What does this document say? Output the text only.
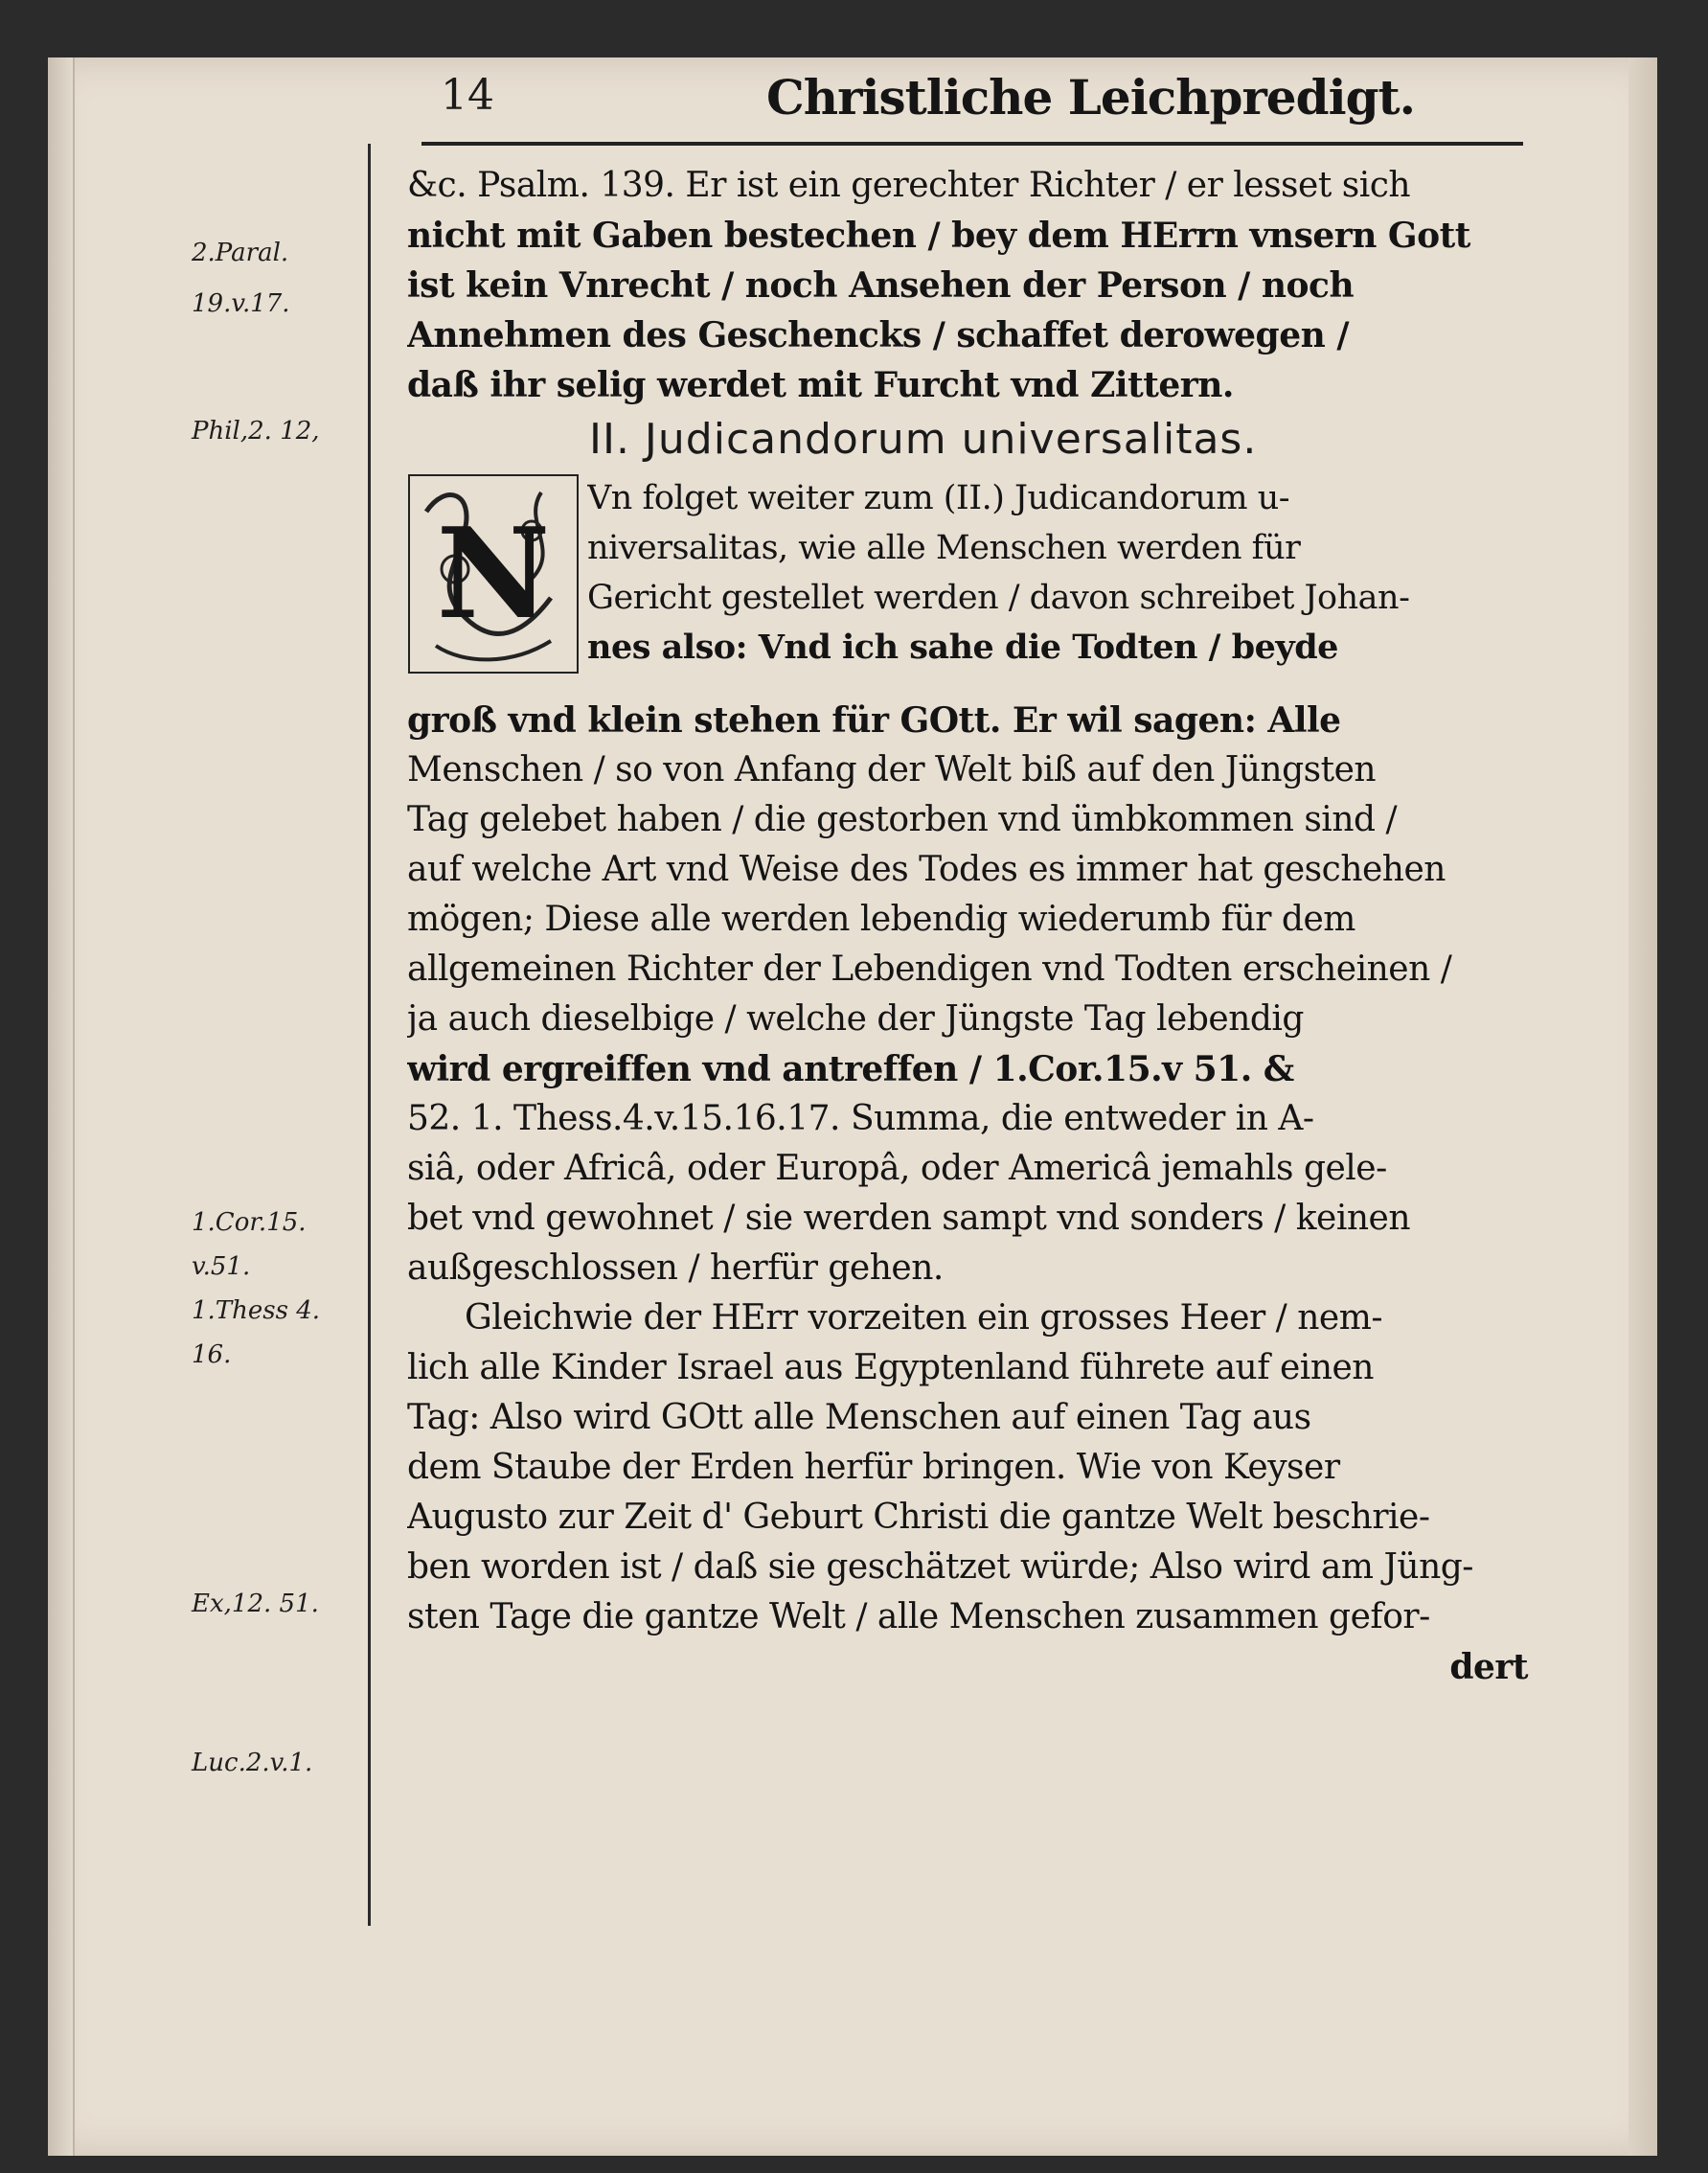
14	Christliche Leichpredigt.
2.Paral.
19.v.17.
Phil,2. 12,
1.Cor.15.
v.51.
1.Thess 4.
16.
Ex,12. 51.
Luc.2.v.1.
&c. Psalm. 139. Er ist ein gerechter Richter / er lesset sich
nicht mit Gaben bestechen / bey dem HErrn vnsern Gott
ist kein Vnrecht / noch Ansehen der Person / noch
Annehmen des Geschencks / schaffet derowegen /
daß ihr selig werdet mit Furcht vnd Zittern.
II. Judicandorum universalitas.
N
Vn folget weiter zum (II.) Judicandorum u-
niversalitas, wie alle Menschen werden für
Gericht gestellet werden / davon schreibet Johan-
nes also: Vnd ich sahe die Todten / beyde
groß vnd klein stehen für GOtt. Er wil sagen: Alle
Menschen / so von Anfang der Welt biß auf den Jüngsten
Tag gelebet haben / die gestorben vnd ümbkommen sind /
auf welche Art vnd Weise des Todes es immer hat geschehen
mögen; Diese alle werden lebendig wiederumb für dem
allgemeinen Richter der Lebendigen vnd Todten erscheinen /
ja auch dieselbige / welche der Jüngste Tag lebendig
wird ergreiffen vnd antreffen / 1.Cor.15.v 51. &
52. 1. Thess.4.v.15.16.17. Summa, die entweder in A-
siâ, oder Africâ, oder Europâ, oder Americâ jemahls gele-
bet vnd gewohnet / sie werden sampt vnd sonders / keinen
außgeschlossen / herfür gehen.
Gleichwie der HErr vorzeiten ein grosses Heer / nem-
lich alle Kinder Israel aus Egyptenland führete auf einen
Tag: Also wird GOtt alle Menschen auf einen Tag aus
dem Staube der Erden herfür bringen. Wie von Keyser
Augusto zur Zeit d' Geburt Christi die gantze Welt beschrie-
ben worden ist / daß sie geschätzet würde; Also wird am Jüng-
sten Tage die gantze Welt / alle Menschen zusammen gefor-
dert
